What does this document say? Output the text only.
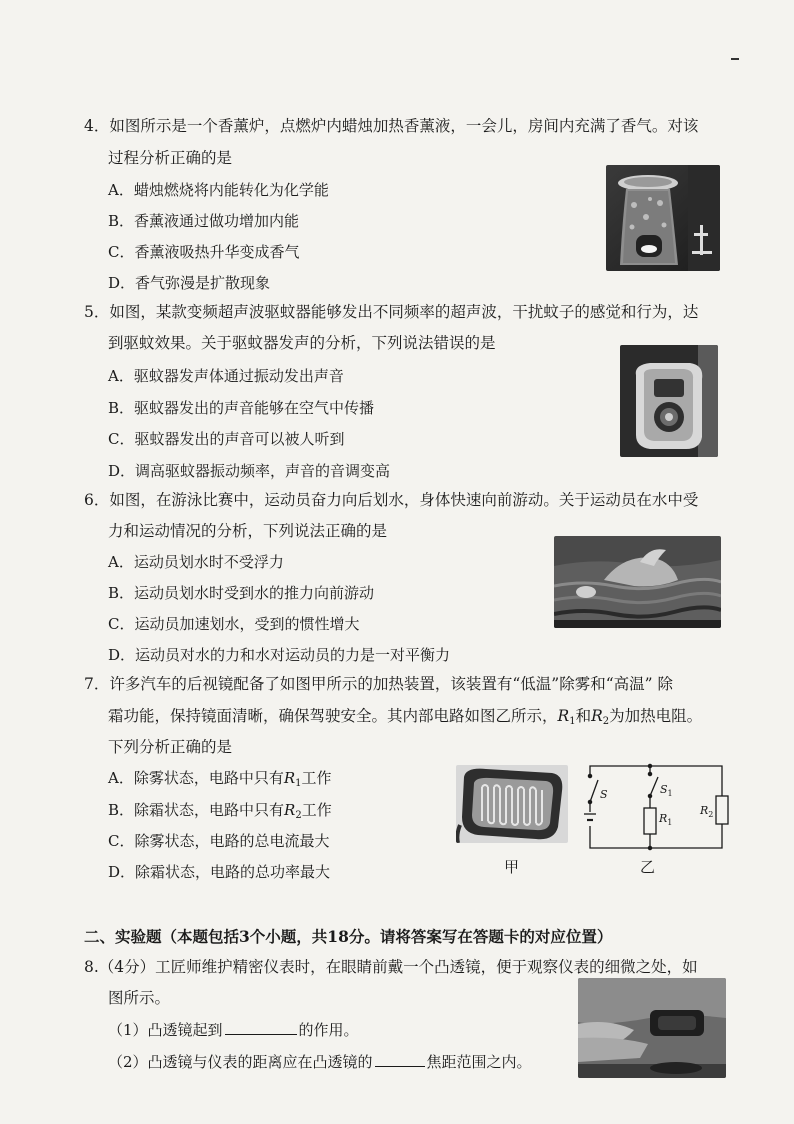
4．如图所示是一个香薰炉，点燃炉内蜡烛加热香薰液，一会儿，房间内充满了香气。对该
过程分析正确的是
A．蜡烛燃烧将内能转化为化学能
B．香薰液通过做功增加内能
C．香薰液吸热升华变成香气
D．香气弥漫是扩散现象
5．如图，某款变频超声波驱蚊器能够发出不同频率的超声波，干扰蚊子的感觉和行为，达
到驱蚊效果。关于驱蚊器发声的分析，下列说法错误的是
A．驱蚊器发声体通过振动发出声音
B．驱蚊器发出的声音能够在空气中传播
C．驱蚊器发出的声音可以被人听到
D．调高驱蚊器振动频率，声音的音调变高
6．如图，在游泳比赛中，运动员奋力向后划水，身体快速向前游动。关于运动员在水中受
力和运动情况的分析，下列说法正确的是
A．运动员划水时不受浮力
B．运动员划水时受到水的推力向前游动
C．运动员加速划水，受到的惯性增大
D．运动员对水的力和水对运动员的力是一对平衡力
7．许多汽车的后视镜配备了如图甲所示的加热装置，该装置有“低温”除雾和“高温” 除
霜功能，保持镜面清晰，确保驾驶安全。其内部电路如图乙所示，$R_1$和$R_2$为加热电阻。
下列分析正确的是
A．除雾状态，电路中只有$R_1$工作
B．除霜状态，电路中只有$R_2$工作
C．除雾状态，电路的总电流最大
D．除霜状态，电路的总功率最大	甲
S	$S_1$
$R_1$
$R_2$
乙
二、实验题（本题包括3个小题，共18分。请将答案写在答题卡的对应位置）
8.（4分）工匠师维护精密仪表时，在眼睛前戴一个凸透镜，便于观察仪表的细微之处，如
图所示。
（1）凸透镜起到	的作用。
（2）凸透镜与仪表的距离应在凸透镜的	焦距范围之内。
